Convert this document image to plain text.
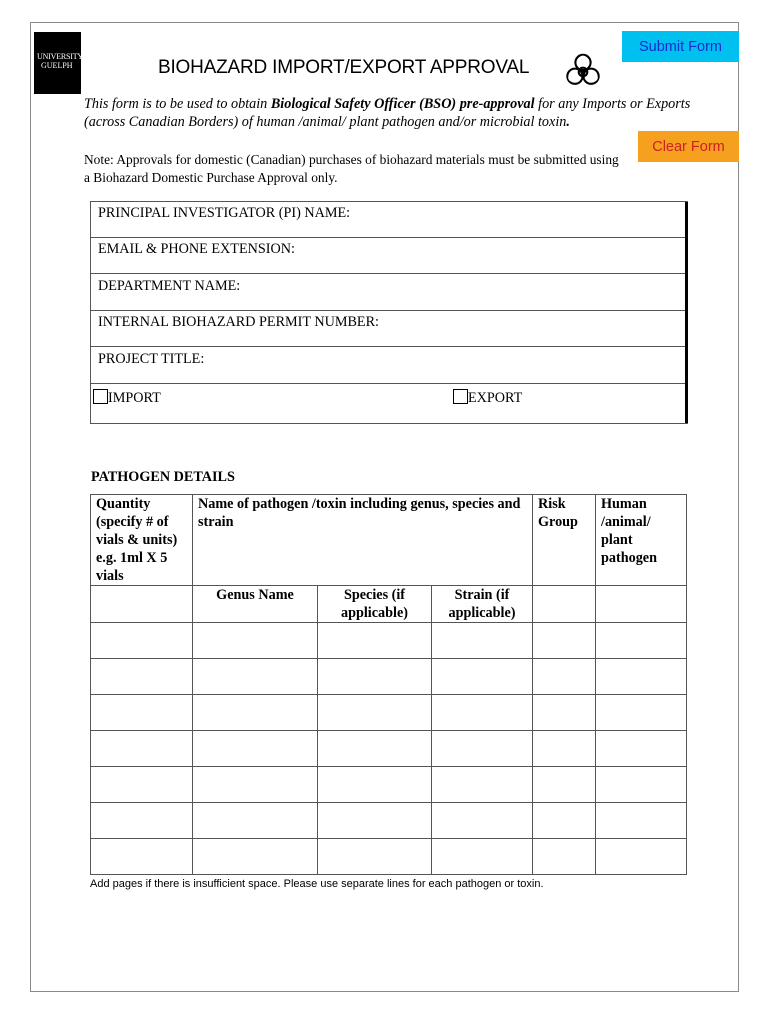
UNIVERSITY
GUELPH
Improve Life.
BIOHAZARD IMPORT/EXPORT APPROVAL
Submit Form
Clear Form
This form is to be used to obtain Biological Safety Officer (BSO) pre-approval for any Imports or Exports (across Canadian Borders) of human /animal/ plant pathogen and/or microbial toxin.
Note: Approvals for domestic (Canadian) purchases of biohazard materials must be submitted using a Biohazard Domestic Purchase Approval only.
PRINCIPAL INVESTIGATOR (PI) NAME:
EMAIL & PHONE EXTENSION:
DEPARTMENT NAME:
INTERNAL BIOHAZARD PERMIT NUMBER:
PROJECT TITLE:
IMPORT	EXPORT
PATHOGEN DETAILS
Quantity (specify # of vials & units) e.g. 1ml X 5 vials	Name of pathogen /toxin including genus, species and strain			Risk Group	Human /animal/ plant pathogen
	Genus Name	Species (if applicable)	Strain (if applicable)		

Add pages if there is insufficient space. Please use separate lines for each pathogen or toxin.
